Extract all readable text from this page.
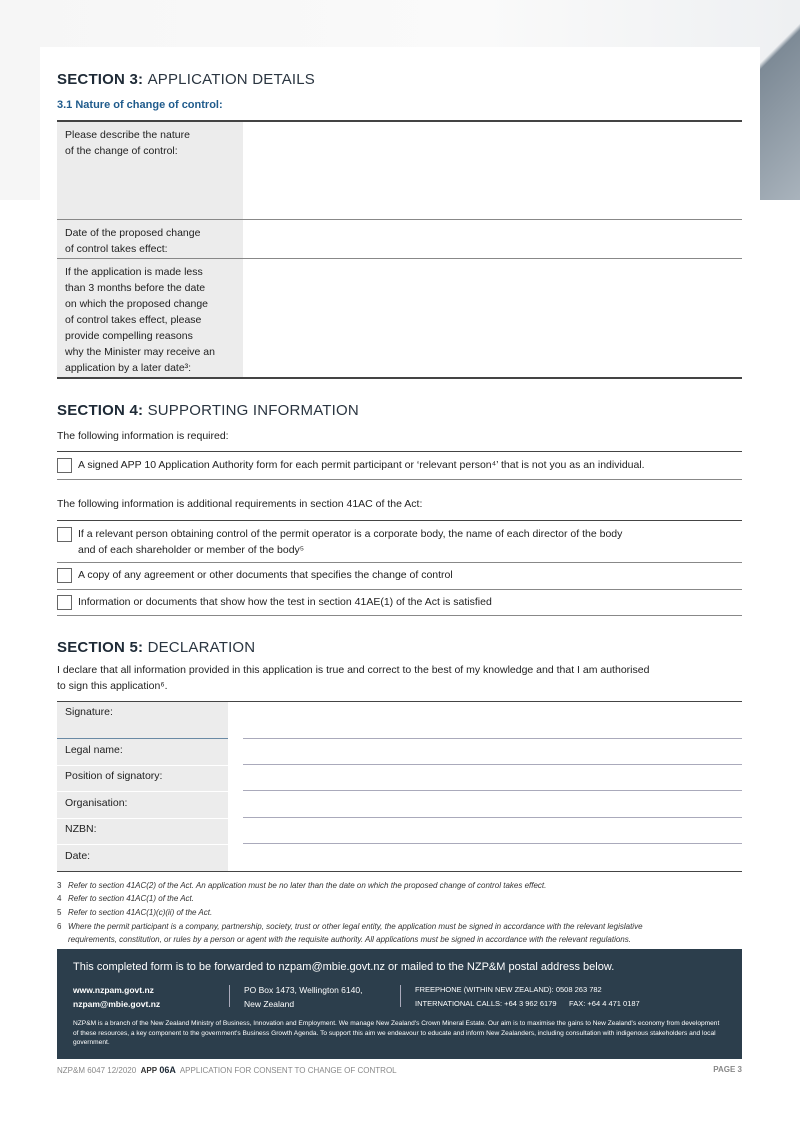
SECTION 3: APPLICATION DETAILS
3.1 Nature of change of control:
Please describe the nature
of the change of control:
Date of the proposed change
of control takes effect:
If the application is made less
than 3 months before the date
on which the proposed change
of control takes effect, please
provide compelling reasons
why the Minister may receive an
application by a later date³:
SECTION 4: SUPPORTING INFORMATION
The following information is required:
A signed APP 10 Application Authority form for each permit participant or ‘relevant person⁴’ that is not you as an individual.
The following information is additional requirements in section 41AC of the Act:
If a relevant person obtaining control of the permit operator is a corporate body, the name of each director of the body
and of each shareholder or member of the body⁵
A copy of any agreement or other documents that specifies the change of control
Information or documents that show how the test in section 41AE(1) of the Act is satisfied
SECTION 5: DECLARATION
I declare that all information provided in this application is true and correct to the best of my knowledge and that I am authorised
to sign this application⁶.
Signature:
Legal name:
Position of signatory:
Organisation:
NZBN:
Date:
3 Refer to section 41AC(2) of the Act. An application must be no later than the date on which the proposed change of control takes effect.
4 Refer to section 41AC(1) of the Act.
5 Refer to section 41AC(1)(c)(ii) of the Act.
6 Where the permit participant is a company, partnership, society, trust or other legal entity, the application must be signed in accordance with the relevant legislative
requirements, constitution, or rules by a person or agent with the requisite authority. All applications must be signed in accordance with the relevant regulations.
This completed form is to be forwarded to nzpam@mbie.govt.nz or mailed to the NZP&M postal address below.
www.nzpam.govt.nz
nzpam@mbie.govt.nz
PO Box 1473, Wellington 6140,
New Zealand
FREEPHONE (WITHIN NEW ZEALAND): 0508 263 782
INTERNATIONAL CALLS: +64 3 962 6179 FAX: +64 4 471 0187
NZP&M is a branch of the New Zealand Ministry of Business, Innovation and Employment. We manage New Zealand's Crown Mineral Estate. Our aim is to maximise the gains to New Zealand's economy from development of these resources, a key component to the government's Business Growth Agenda. To support this aim we endeavour to educate and inform New Zealanders, including consultation with indigenous stakeholders and local government.
NZP&M 6047 12/2020 APP 06A APPLICATION FOR CONSENT TO CHANGE OF CONTROL	PAGE 3
